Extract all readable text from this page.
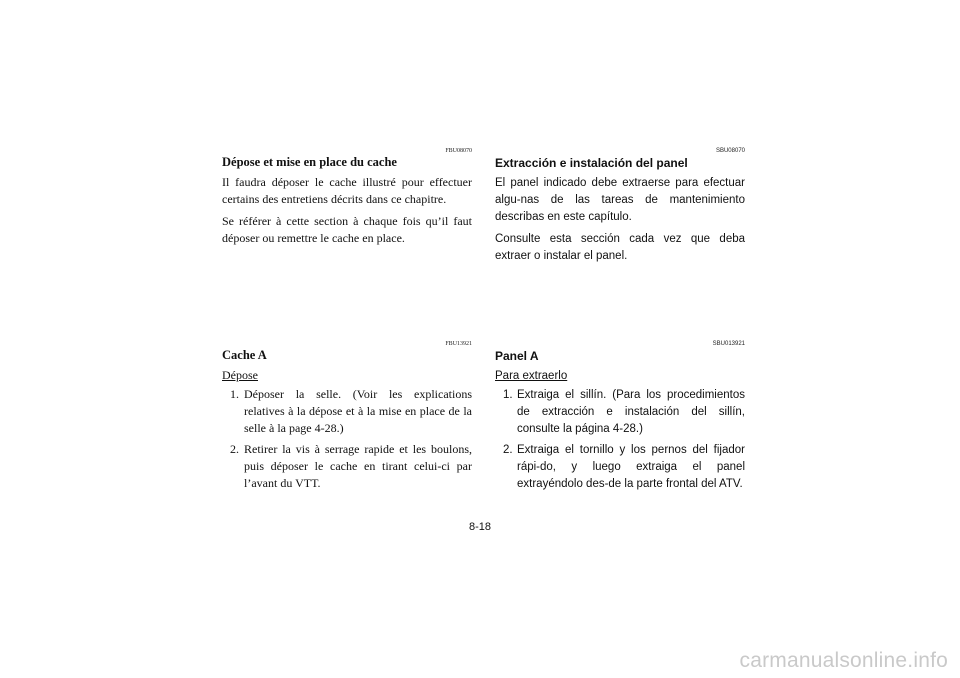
FBU08070

Dépose et mise en place du cache

Il faudra déposer le cache illustré pour effectuer certains des entretiens décrits dans ce chapitre.

Se référer à cette section à chaque fois qu’il faut déposer ou remettre le cache en place.

SBU08070

Extracción e instalación del panel

El panel indicado debe extraerse para efectuar algu-nas de las tareas de mantenimiento describas en este capítulo.

Consulte esta sección cada vez que deba extraer o instalar el panel.

FBU13921

Cache A
Dépose
1. Déposer la selle. (Voir les explications relatives à la dépose et à la mise en place de la selle à la page 4-28.)
2. Retirer la vis à serrage rapide et les boulons, puis déposer le cache en tirant celui-ci par l’avant du VTT.

SBU013921

Panel A
Para extraerlo
1. Extraiga el sillín. (Para los procedimientos de extracción e instalación del sillín, consulte la página 4-28.)
2. Extraiga el tornillo y los pernos del fijador rápi-do, y luego extraiga el panel extrayéndolo des-de la parte frontal del ATV.
8-18
carmanualsonline.info
